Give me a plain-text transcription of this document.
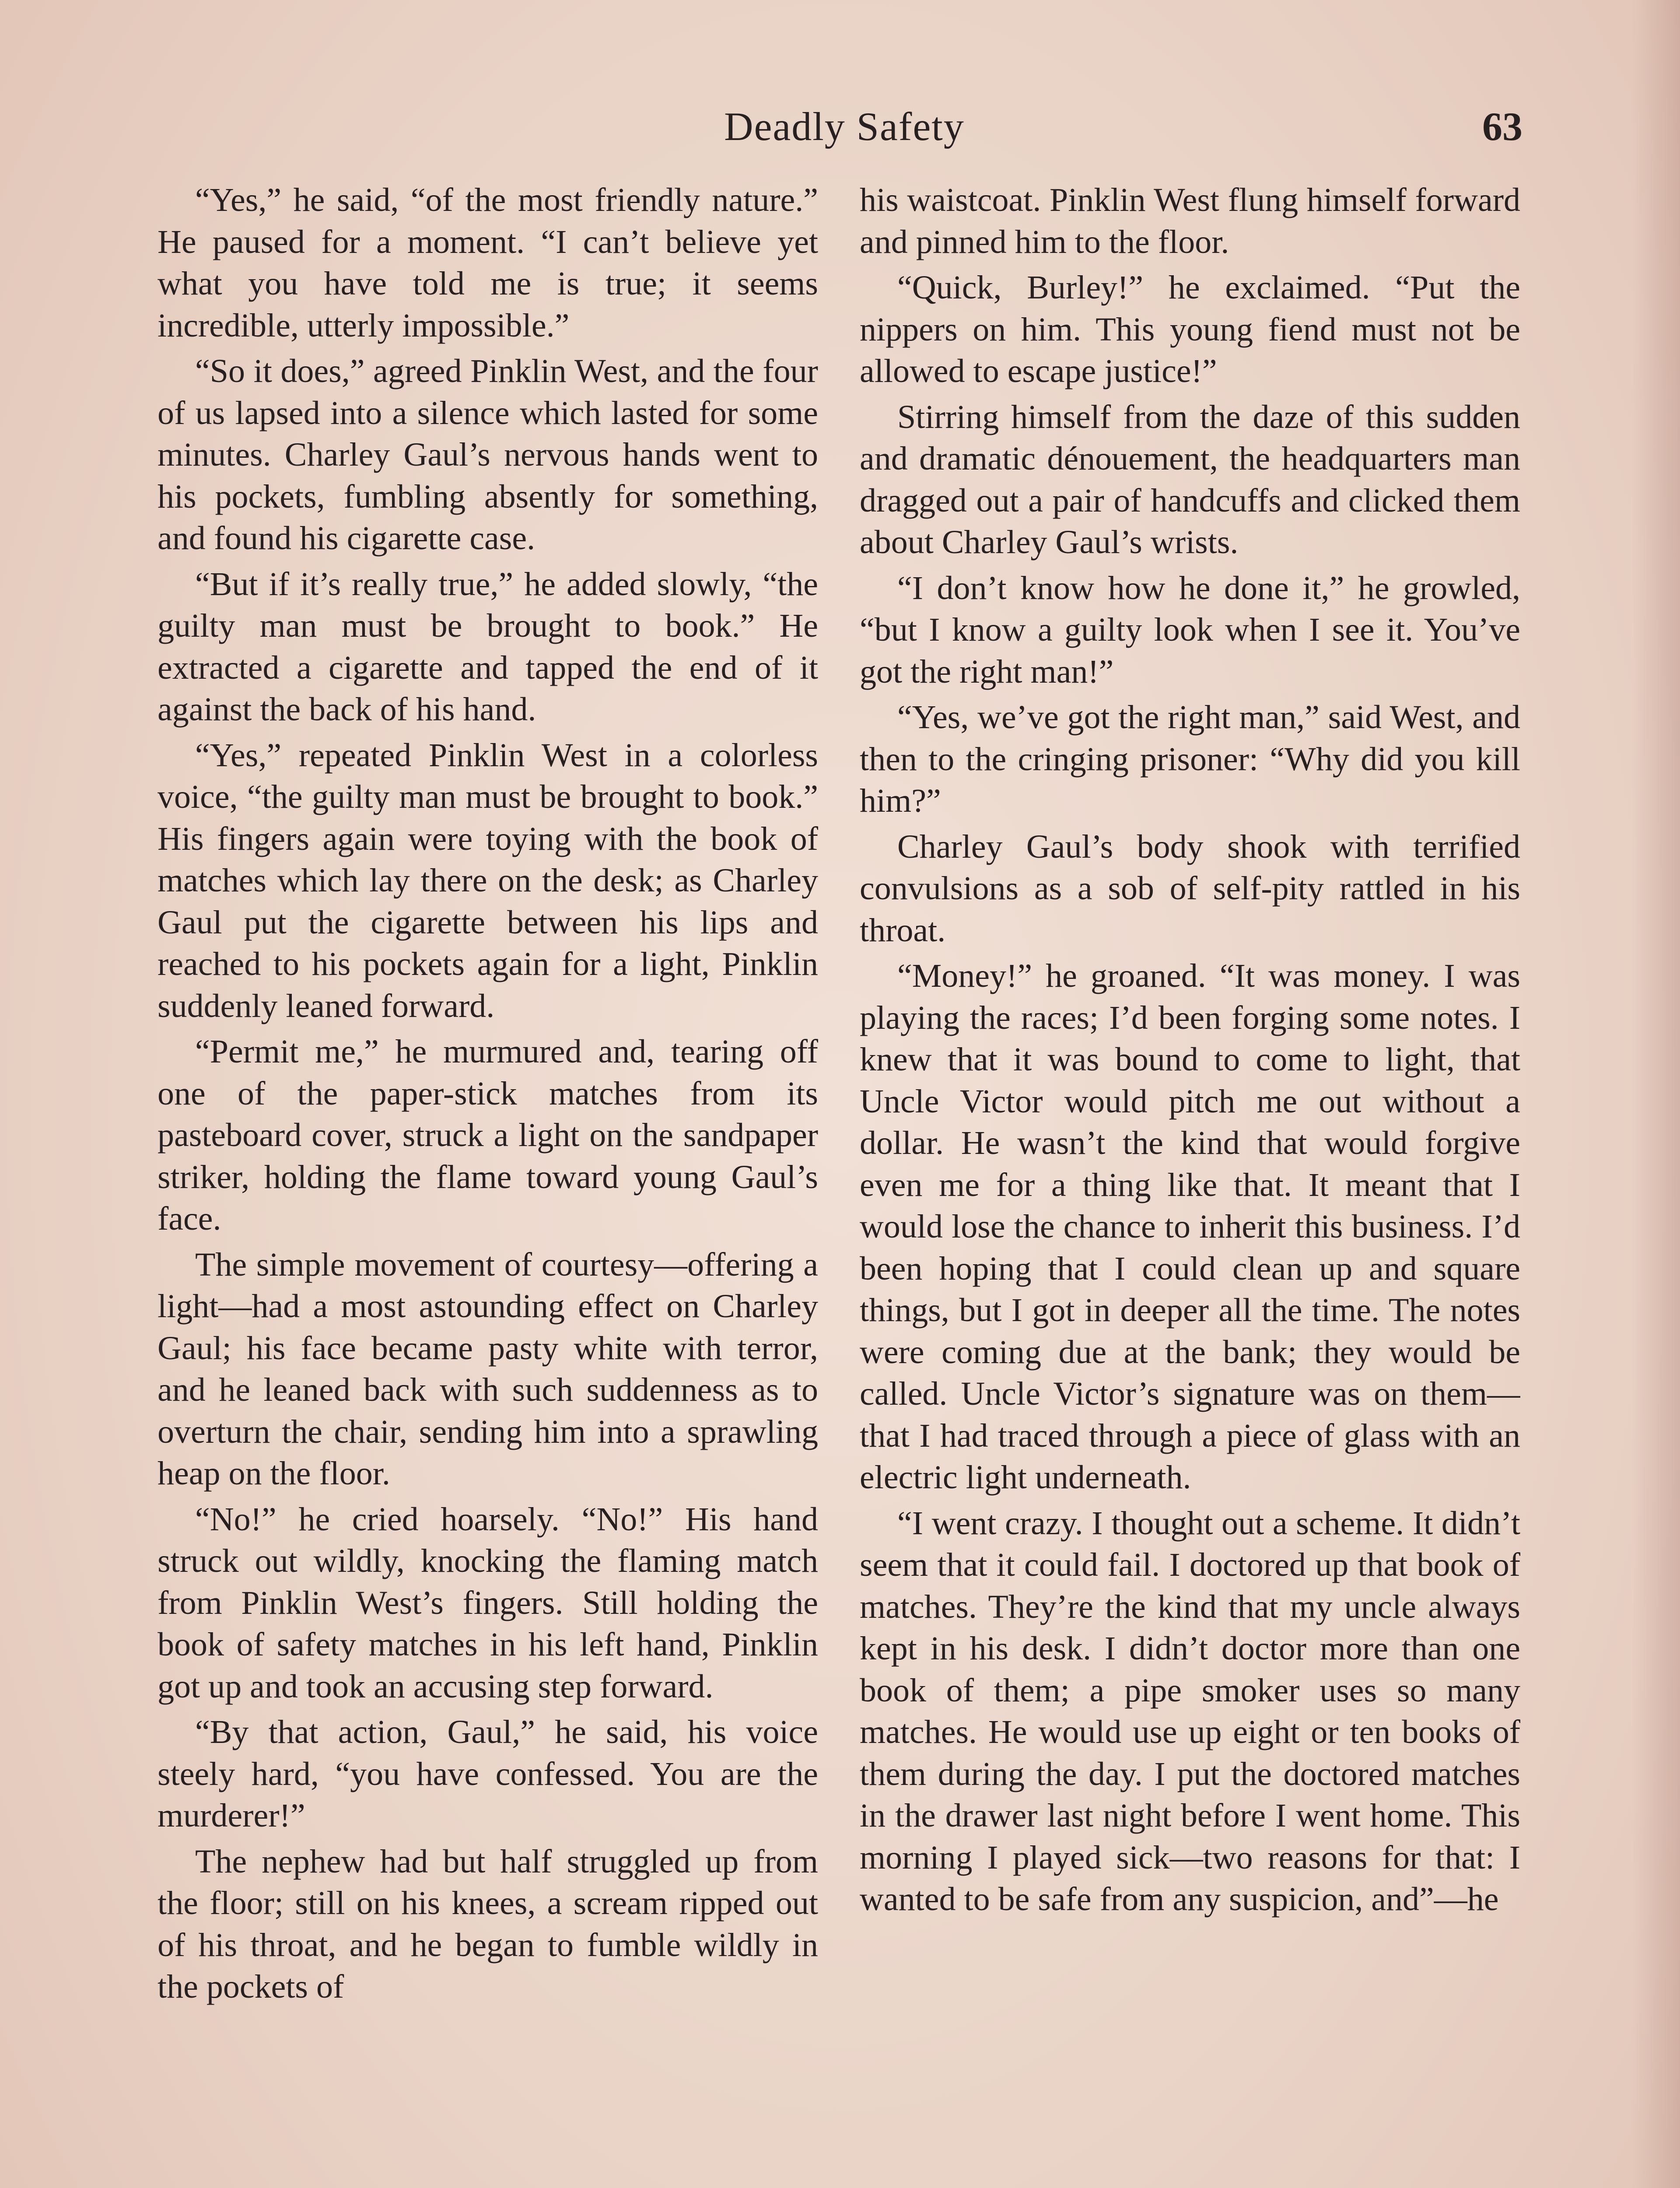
Deadly Safety	63

“Yes,” he said, “of the most friendly nature.” He paused for a moment. “I can’t believe yet what you have told me is true; it seems incredible, utterly impossible.”

“So it does,” agreed Pinklin West, and the four of us lapsed into a silence which lasted for some minutes. Charley Gaul’s nervous hands went to his pockets, fumbling absently for something, and found his cigarette case.

“But if it’s really true,” he added slowly, “the guilty man must be brought to book.” He extracted a cigarette and tapped the end of it against the back of his hand.

“Yes,” repeated Pinklin West in a colorless voice, “the guilty man must be brought to book.” His fingers again were toying with the book of matches which lay there on the desk; as Charley Gaul put the cigarette between his lips and reached to his pockets again for a light, Pinklin suddenly leaned forward.

“Permit me,” he murmured and, tearing off one of the paper-stick matches from its pasteboard cover, struck a light on the sandpaper striker, holding the flame toward young Gaul’s face.

The simple movement of courtesy—offering a light—had a most astounding effect on Charley Gaul; his face became pasty white with terror, and he leaned back with such suddenness as to overturn the chair, sending him into a sprawling heap on the floor.

“No!” he cried hoarsely. “No!” His hand struck out wildly, knocking the flaming match from Pinklin West’s fingers. Still holding the book of safety matches in his left hand, Pinklin got up and took an accusing step forward.

“By that action, Gaul,” he said, his voice steely hard, “you have confessed. You are the murderer!”

The nephew had but half struggled up from the floor; still on his knees, a scream ripped out of his throat, and he began to fumble wildly in the pockets of

his waistcoat. Pinklin West flung himself forward and pinned him to the floor.

“Quick, Burley!” he exclaimed. “Put the nippers on him. This young fiend must not be allowed to escape justice!”

Stirring himself from the daze of this sudden and dramatic dénouement, the headquarters man dragged out a pair of handcuffs and clicked them about Charley Gaul’s wrists.

“I don’t know how he done it,” he growled, “but I know a guilty look when I see it. You’ve got the right man!”

“Yes, we’ve got the right man,” said West, and then to the cringing prisoner: “Why did you kill him?”

Charley Gaul’s body shook with terrified convulsions as a sob of self-pity rattled in his throat.

“Money!” he groaned. “It was money. I was playing the races; I’d been forging some notes. I knew that it was bound to come to light, that Uncle Victor would pitch me out without a dollar. He wasn’t the kind that would forgive even me for a thing like that. It meant that I would lose the chance to inherit this business. I’d been hoping that I could clean up and square things, but I got in deeper all the time. The notes were coming due at the bank; they would be called. Uncle Victor’s signature was on them—that I had traced through a piece of glass with an electric light underneath.

“I went crazy. I thought out a scheme. It didn’t seem that it could fail. I doctored up that book of matches. They’re the kind that my uncle always kept in his desk. I didn’t doctor more than one book of them; a pipe smoker uses so many matches. He would use up eight or ten books of them during the day. I put the doctored matches in the drawer last night before I went home. This morning I played sick—two reasons for that: I wanted to be safe from any suspicion, and”—he
